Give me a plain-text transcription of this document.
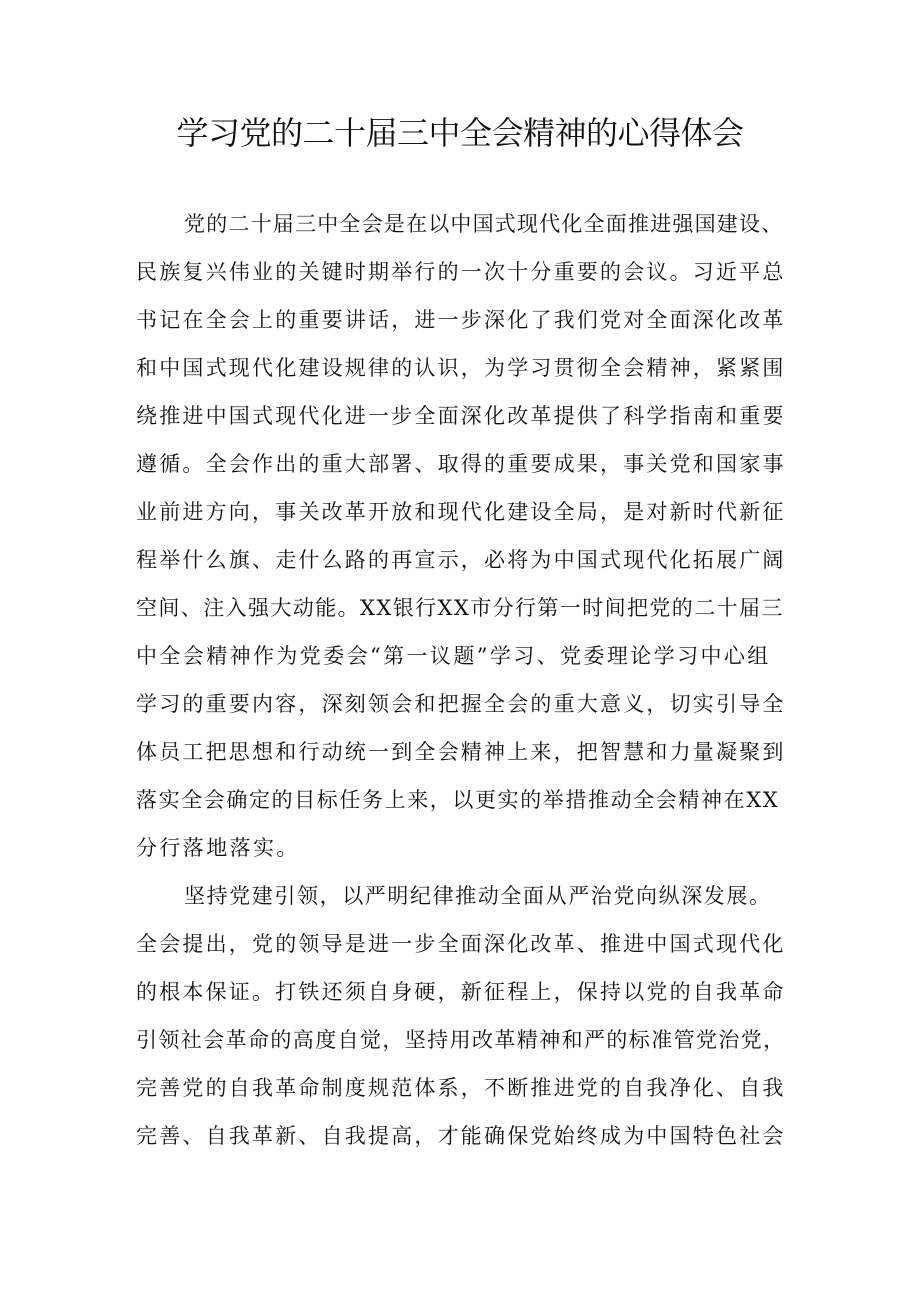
学习党的二十届三中全会精神的心得体会
党的二十届三中全会是在以中国式现代化全面推进强国建设、
民族复兴伟业的关键时期举行的一次十分重要的会议。习近平总
书记在全会上的重要讲话，进一步深化了我们党对全面深化改革
和中国式现代化建设规律的认识，为学习贯彻全会精神，紧紧围
绕推进中国式现代化进一步全面深化改革提供了科学指南和重要
遵循。全会作出的重大部署、取得的重要成果，事关党和国家事
业前进方向，事关改革开放和现代化建设全局，是对新时代新征
程举什么旗、走什么路的再宣示，必将为中国式现代化拓展广阔
空间、注入强大动能。XX银行XX市分行第一时间把党的二十届三
中全会精神作为党委会“第一议题”学习、党委理论学习中心组
学习的重要内容，深刻领会和把握全会的重大意义，切实引导全
体员工把思想和行动统一到全会精神上来，把智慧和力量凝聚到
落实全会确定的目标任务上来，以更实的举措推动全会精神在XX
分行落地落实。
坚持党建引领，以严明纪律推动全面从严治党向纵深发展。
全会提出，党的领导是进一步全面深化改革、推进中国式现代化
的根本保证。打铁还须自身硬，新征程上，保持以党的自我革命
引领社会革命的高度自觉，坚持用改革精神和严的标准管党治党，
完善党的自我革命制度规范体系，不断推进党的自我净化、自我
完善、自我革新、自我提高，才能确保党始终成为中国特色社会
